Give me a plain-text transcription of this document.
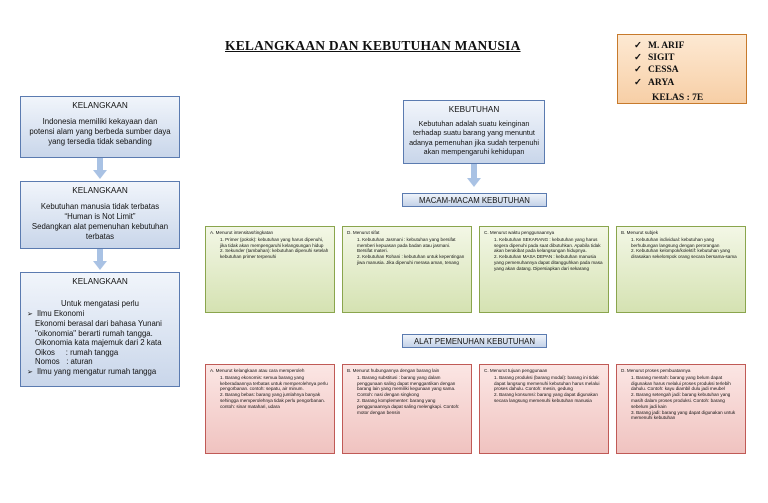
KELANGKAAN DAN KEBUTUHAN MANUSIA	✓ M. ARIF
✓ SIGIT
✓ CESSA
✓ ARYA
KELAS : 7E
KELANGKAAN
Indonesia memiliki kekayaan dan
potensi alam yang berbeda sumber daya
yang tersedia tidak sebanding
KELANGKAAN
Kebutuhan manusia tidak terbatas
“Human is Not Limit”
Sedangkan alat pemenuhan kebutuhan
terbatas
KELANGKAAN
Untuk mengatasi perlu
➢ Ilmu Ekonomi
Ekonomi berasal dari bahasa Yunani
"oikonomia" berarti rumah tangga.
Oikonomia kata majemuk dari 2 kata
Oikos     : rumah tangga
Nomos   : aturan
➢ Ilmu yang mengatur rumah tangga
KEBUTUHAN
Kebutuhan adalah suatu keinginan
terhadap suatu barang yang menuntut
adanya pemenuhan jika sudah terpenuhi
akan mempengaruhi kehidupan
MACAM-MACAM KEBUTUHAN
A. Menurut intensitas/tingkatan
1. Primer (pokok): kebutuhan yang harus dipenuhi, jika tidak akan mempengaruhi kelangsungan hidup
2. Sekunder (tambahan): kebutuhan dipenuhi setelah kebutuhan primer terpenuhi
D. Menurut sifat
1. Kebutuhan Jasmani : kebutuhan yang bersifat memberi kepuasan pada badan atau jasmani. Bersifat materi.
2. Kebutuhan Rohani : kebutuhan untuk kepentingan jiwa manusia. Jika dipenuhi merasa aman, tenang
C. Menurut waktu penggunaannya
1. Kebutuhan SEKARANG : kebutuhan yang harus segera dipenuhi pada saat dibutuhkan. Apabila tidak akan berakibat pada kelangsungan hidupnya.
2. Kebutuhan MASA DEPAN : kebutuhan manusia yang pemenuhannya dapat ditangguhkan pada masa yang akan datang. Dipersiapkan dari sekarang
B. Menurut subjek
1. Kebutuhan individual: kebutuhan yang berhubungan langsung dengan perorangan
2. Kebutuhan kelompok/kolektif: kebutuhan yang dirasakan sekelompok orang secara bersama-sama
ALAT PEMENUHAN KEBUTUHAN
A. Menurut kelangkaan atau cara memperoleh
1. Barang ekonomis: semua barang yang keberadaannya terbatas untuk memperolehnya perlu pengorbanan. contoh: sepatu, air minum.
2. Barang bebas: barang yang jumlahnya banyak sehingga memperolehnya tidak perlu pengorbanan. contoh: sinar matahari, udara
B. Menurut hubungannya dengan barang lain
1. Barang substitusi : barang yang dalam penggunaan saling dapat menggantikan dengan barang lain yang memiliki kegunaan yang sama. Contoh: nasi dengan singkong
2. Barang komplementer: barang yang penggunaannya dapat saling melengkapi. Contoh: motor dengan bensin
C. Menurut tujuan penggunaan
1. Barang produksi (barang modal): barang ini tidak dapat langsung memenuhi kebutuhan harus melalui proses dahulu. Contoh: mesin, gedung
2. Barang konsumsi: barang yang dapat digunakan secara langsung memenuhi kebutuhan manusia
D. Menurut proses pembuatannya
1. Barang mentah: barang yang belum dapat digunakan harus melalui proses produksi terlebih dahulu. Contoh: kayu diambil dulu jadi meubel
2. Barang setengah jadi: barang kebutuhan yang masih dalam proses produksi. Contoh: barang sebelum jadi kain
3. Barang jadi: barang yang dapat digunakan untuk memenuhi kebutuhan
